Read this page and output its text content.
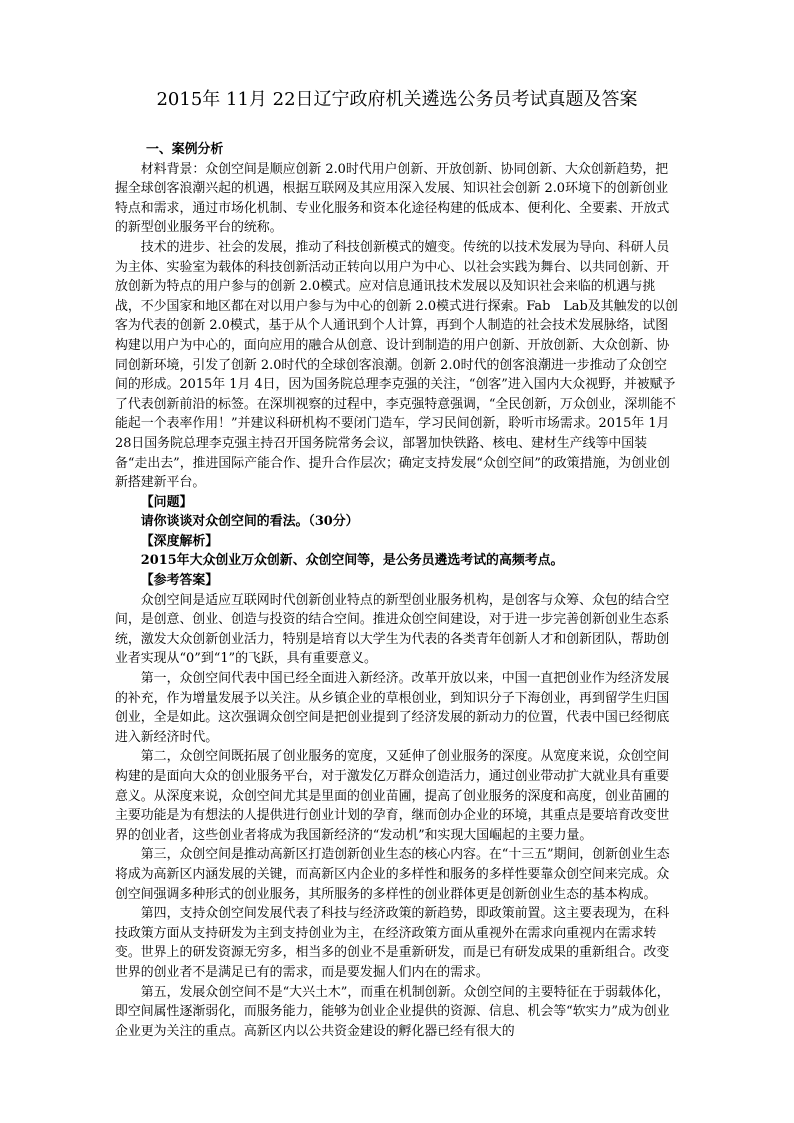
2015年 11月 22日辽宁政府机关遴选公务员考试真题及答案

一、案例分析

材料背景：众创空间是顺应创新 2.0时代用户创新、开放创新、协同创新、大众创新趋势，把握全球创客浪潮兴起的机遇，根据互联网及其应用深入发展、知识社会创新 2.0环境下的创新创业特点和需求，通过市场化机制、专业化服务和资本化途径构建的低成本、便利化、全要素、开放式的新型创业服务平台的统称。

技术的进步、社会的发展，推动了科技创新模式的嬗变。传统的以技术发展为导向、科研人员为主体、实验室为载体的科技创新活动正转向以用户为中心、以社会实践为舞台、以共同创新、开放创新为特点的用户参与的创新 2.0模式。应对信息通讯技术发展以及知识社会来临的机遇与挑战，不少国家和地区都在对以用户参与为中心的创新 2.0模式进行探索。Fab　Lab及其触发的以创客为代表的创新 2.0模式，基于从个人通讯到个人计算，再到个人制造的社会技术发展脉络，试图构建以用户为中心的，面向应用的融合从创意、设计到制造的用户创新、开放创新、大众创新、协同创新环境，引发了创新 2.0时代的全球创客浪潮。创新 2.0时代的创客浪潮进一步推动了众创空间的形成。2015年 1月 4日，因为国务院总理李克强的关注，“创客”进入国内大众视野，并被赋予了代表创新前沿的标签。在深圳视察的过程中，李克强特意强调，“全民创新，万众创业，深圳能不能起一个表率作用！”并建议科研机构不要闭门造车，学习民间创新，聆听市场需求。2015年 1月 28日国务院总理李克强主持召开国务院常务会议，部署加快铁路、核电、建材生产线等中国装备“走出去”，推进国际产能合作、提升合作层次；确定支持发展“众创空间”的政策措施，为创业创新搭建新平台。

【问题】

请你谈谈对众创空间的看法。（30分）

【深度解析】

2015年大众创业万众创新、众创空间等，是公务员遴选考试的高频考点。

【参考答案】

众创空间是适应互联网时代创新创业特点的新型创业服务机构，是创客与众筹、众包的结合空间，是创意、创业、创造与投资的结合空间。推进众创空间建设，对于进一步完善创新创业生态系统，激发大众创新创业活力，特别是培育以大学生为代表的各类青年创新人才和创新团队，帮助创业者实现从“0”到“1”的飞跃，具有重要意义。

第一，众创空间代表中国已经全面进入新经济。改革开放以来，中国一直把创业作为经济发展的补充，作为增量发展予以关注。从乡镇企业的草根创业，到知识分子下海创业，再到留学生归国创业，全是如此。这次强调众创空间是把创业提到了经济发展的新动力的位置，代表中国已经彻底进入新经济时代。

第二，众创空间既拓展了创业服务的宽度，又延伸了创业服务的深度。从宽度来说，众创空间构建的是面向大众的创业服务平台，对于激发亿万群众创造活力，通过创业带动扩大就业具有重要意义。从深度来说，众创空间尤其是里面的创业苗圃，提高了创业服务的深度和高度，创业苗圃的主要功能是为有想法的人提供进行创业计划的孕育，继而创办企业的环境，其重点是要培育改变世界的创业者，这些创业者将成为我国新经济的“发动机”和实现大国崛起的主要力量。

第三，众创空间是推动高新区打造创新创业生态的核心内容。在“十三五”期间，创新创业生态将成为高新区内涵发展的关键，而高新区内企业的多样性和服务的多样性要靠众创空间来完成。众创空间强调多种形式的创业服务，其所服务的多样性的创业群体更是创新创业生态的基本构成。

第四，支持众创空间发展代表了科技与经济政策的新趋势，即政策前置。这主要表现为，在科技政策方面从支持研发为主到支持创业为主，在经济政策方面从重视外在需求向重视内在需求转变。世界上的研发资源无穷多，相当多的创业不是重新研发，而是已有研发成果的重新组合。改变世界的创业者不是满足已有的需求，而是要发掘人们内在的需求。

第五，发展众创空间不是“大兴土木”，而重在机制创新。众创空间的主要特征在于弱载体化，即空间属性逐渐弱化，而服务能力，能够为创业企业提供的资源、信息、机会等“软实力”成为创业企业更为关注的重点。高新区内以公共资金建设的孵化器已经有很大的
